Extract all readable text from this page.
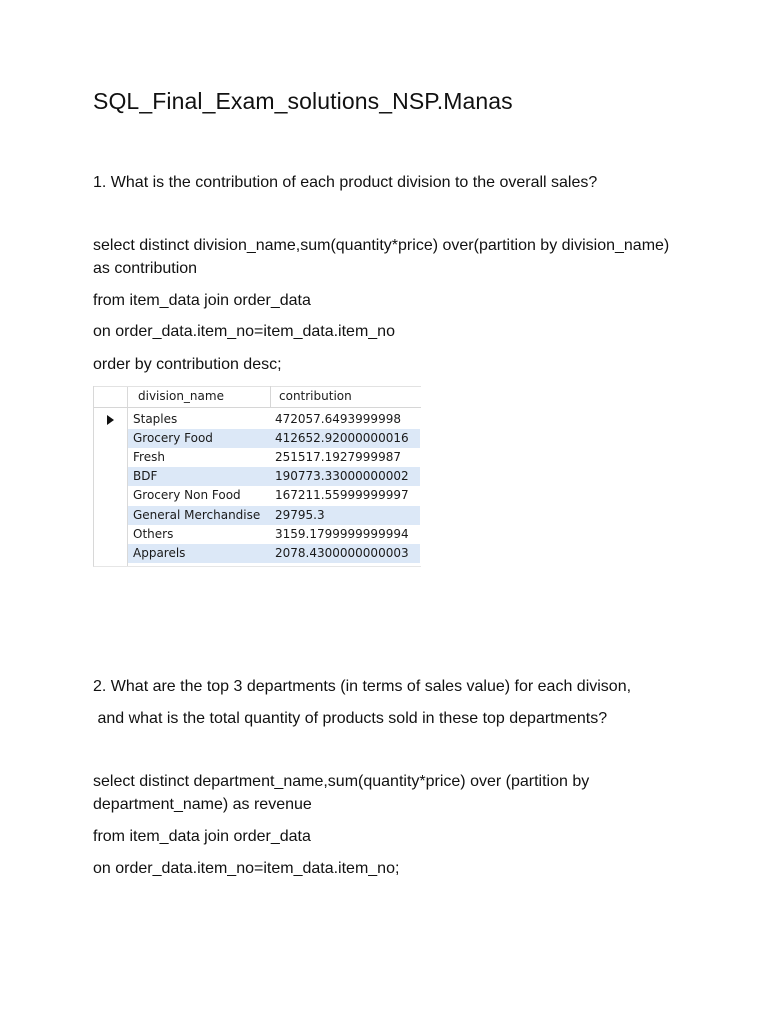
SQL_Final_Exam_solutions_NSP.Manas

1. What is the contribution of each product division to the overall sales?

select distinct division_name,sum(quantity*price) over(partition by division_name) as contribution

from item_data join order_data

on order_data.item_no=item_data.item_no

order by contribution desc;

division_name	contribution
Staples	472057.6493999998
Grocery Food	412652.92000000016
Fresh	251517.1927999987
BDF	190773.33000000002
Grocery Non Food	167211.55999999997
General Merchandise 29795.3
Others	3159.1799999999994
Apparels	2078.4300000000003

2. What are the top 3 departments (in terms of sales value) for each divison,

and what is the total quantity of products sold in these top departments?

select distinct department_name,sum(quantity*price) over (partition by department_name) as revenue

from item_data join order_data

on order_data.item_no=item_data.item_no;
